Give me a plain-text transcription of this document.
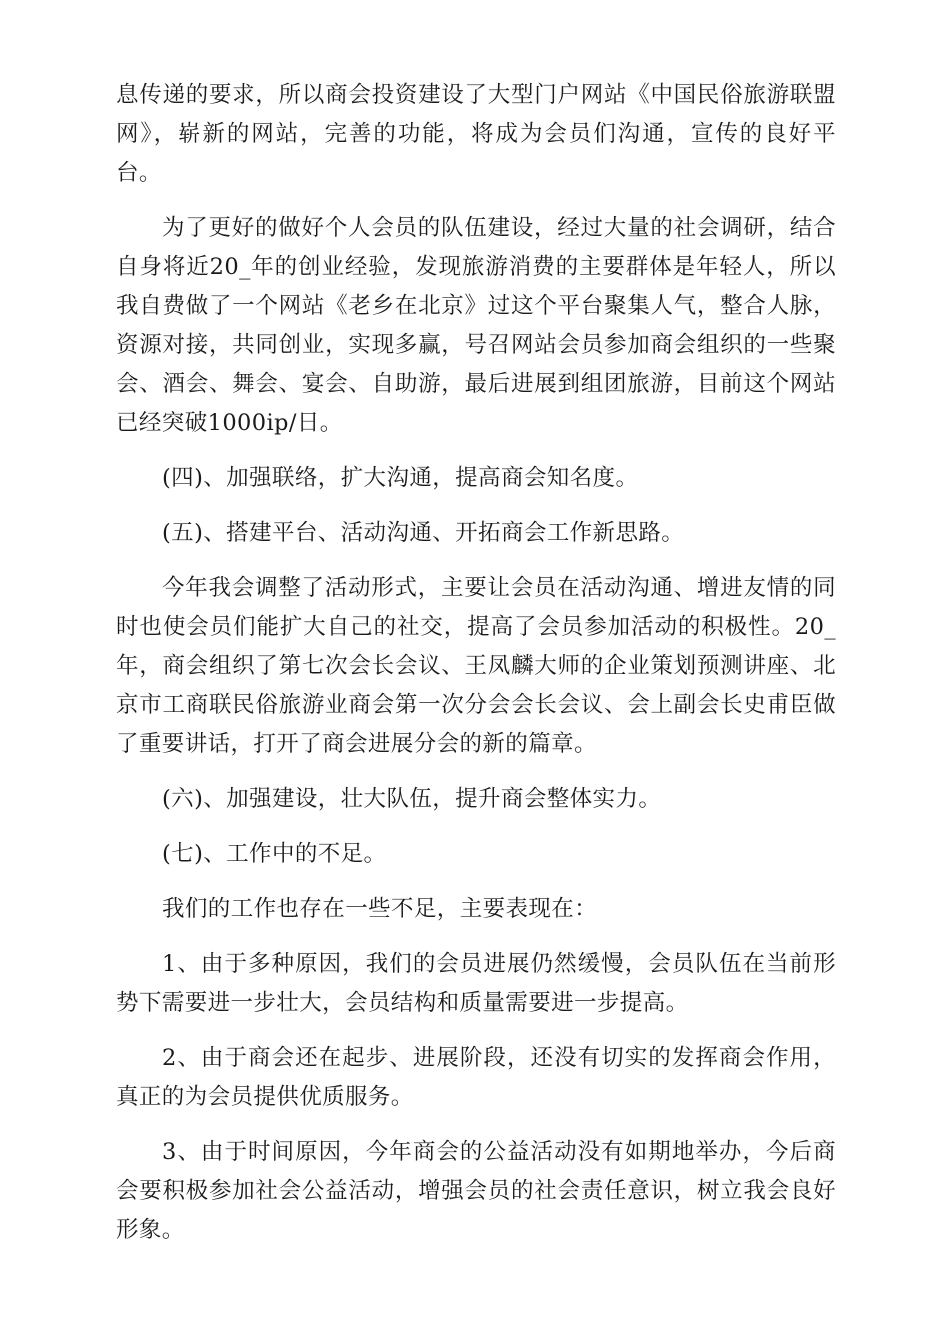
息传递的要求，所以商会投资建设了大型门户网站《中国民俗旅游联盟网》，崭新的网站，完善的功能，将成为会员们沟通，宣传的良好平台。

为了更好的做好个人会员的队伍建设，经过大量的社会调研，结合自身将近20_年的创业经验，发现旅游消费的主要群体是年轻人，所以我自费做了一个网站《老乡在北京》过这个平台聚集人气，整合人脉，资源对接，共同创业，实现多赢，号召网站会员参加商会组织的一些聚会、酒会、舞会、宴会、自助游，最后进展到组团旅游，目前这个网站已经突破1000ip/日。

(四)、加强联络，扩大沟通，提高商会知名度。

(五)、搭建平台、活动沟通、开拓商会工作新思路。

今年我会调整了活动形式，主要让会员在活动沟通、增进友情的同时也使会员们能扩大自己的社交，提高了会员参加活动的积极性。20_年，商会组织了第七次会长会议、王凤麟大师的企业策划预测讲座、北京市工商联民俗旅游业商会第一次分会会长会议、会上副会长史甫臣做了重要讲话，打开了商会进展分会的新的篇章。

(六)、加强建设，壮大队伍，提升商会整体实力。

(七)、工作中的不足。

我们的工作也存在一些不足，主要表现在：

1、由于多种原因，我们的会员进展仍然缓慢，会员队伍在当前形势下需要进一步壮大，会员结构和质量需要进一步提高。

2、由于商会还在起步、进展阶段，还没有切实的发挥商会作用，真正的为会员提供优质服务。

3、由于时间原因，今年商会的公益活动没有如期地举办，今后商会要积极参加社会公益活动，增强会员的社会责任意识，树立我会良好形象。
